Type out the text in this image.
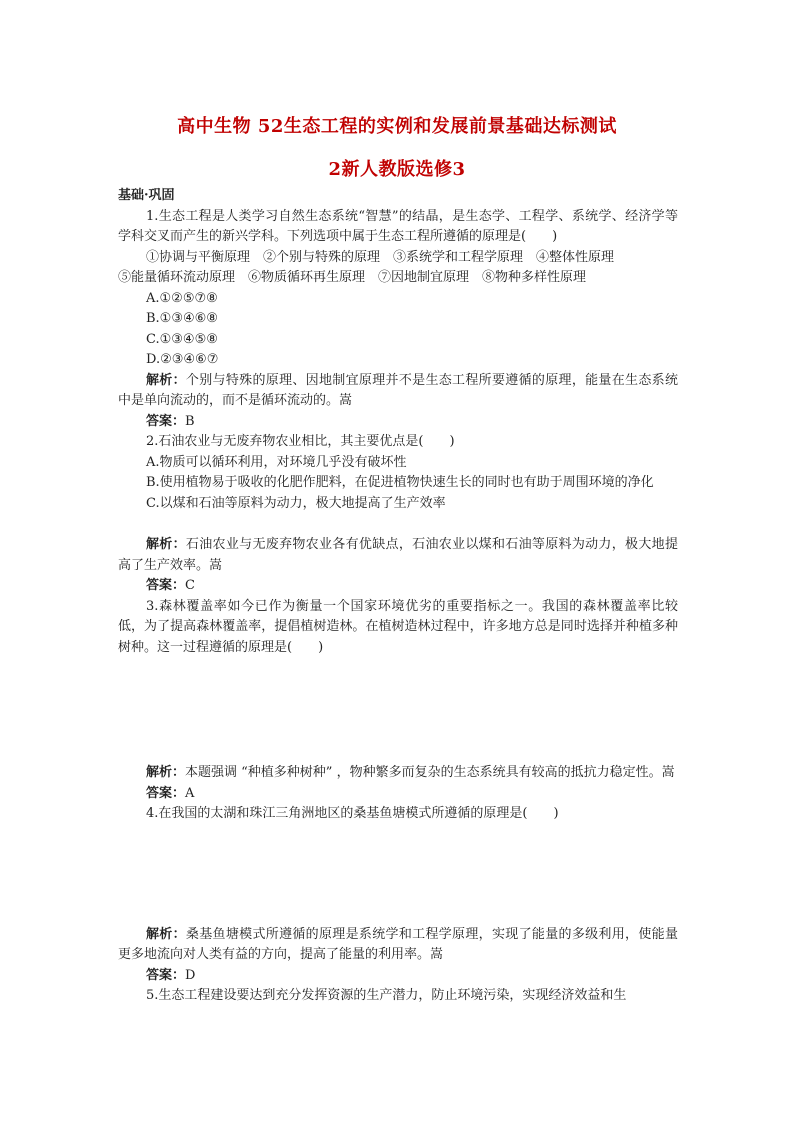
高中生物 52生态工程的实例和发展前景基础达标测试
2新人教版选修3

基础·巩固

1.生态工程是人类学习自然生态系统“智慧”的结晶，是生态学、工程学、系统学、经济学等学科交叉而产生的新兴学科。下列选项中属于生态工程所遵循的原理是(　　)

①协调与平衡原理　②个别与特殊的原理　③系统学和工程学原理　④整体性原理

⑤能量循环流动原理　⑥物质循环再生原理　⑦因地制宜原理　⑧物种多样性原理

A.①②⑤⑦⑧

B.①③④⑥⑧

C.①③④⑤⑧

D.②③④⑥⑦

解析：个别与特殊的原理、因地制宜原理并不是生态工程所要遵循的原理，能量在生态系统中是单向流动的，而不是循环流动的。嵩

答案：B

2.石油农业与无废弃物农业相比，其主要优点是(　　)

A.物质可以循环利用，对环境几乎没有破坏性

B.使用植物易于吸收的化肥作肥料，在促进植物快速生长的同时也有助于周围环境的净化

C.以煤和石油等原料为动力，极大地提高了生产效率

解析：石油农业与无废弃物农业各有优缺点，石油农业以煤和石油等原料为动力，极大地提高了生产效率。嵩

答案：C

3.森林覆盖率如今已作为衡量一个国家环境优劣的重要指标之一。我国的森林覆盖率比较低，为了提高森林覆盖率，提倡植树造林。在植树造林过程中，许多地方总是同时选择并种植多种树种。这一过程遵循的原理是(　　)

解析：本题强调 “种植多种树种” ，物种繁多而复杂的生态系统具有较高的抵抗力稳定性。嵩

答案：A

4.在我国的太湖和珠江三角洲地区的桑基鱼塘模式所遵循的原理是(　　)

解析：桑基鱼塘模式所遵循的原理是系统学和工程学原理，实现了能量的多级利用，使能量更多地流向对人类有益的方向，提高了能量的利用率。嵩

答案：D

5.生态工程建设要达到充分发挥资源的生产潜力，防止环境污染，实现经济效益和生
